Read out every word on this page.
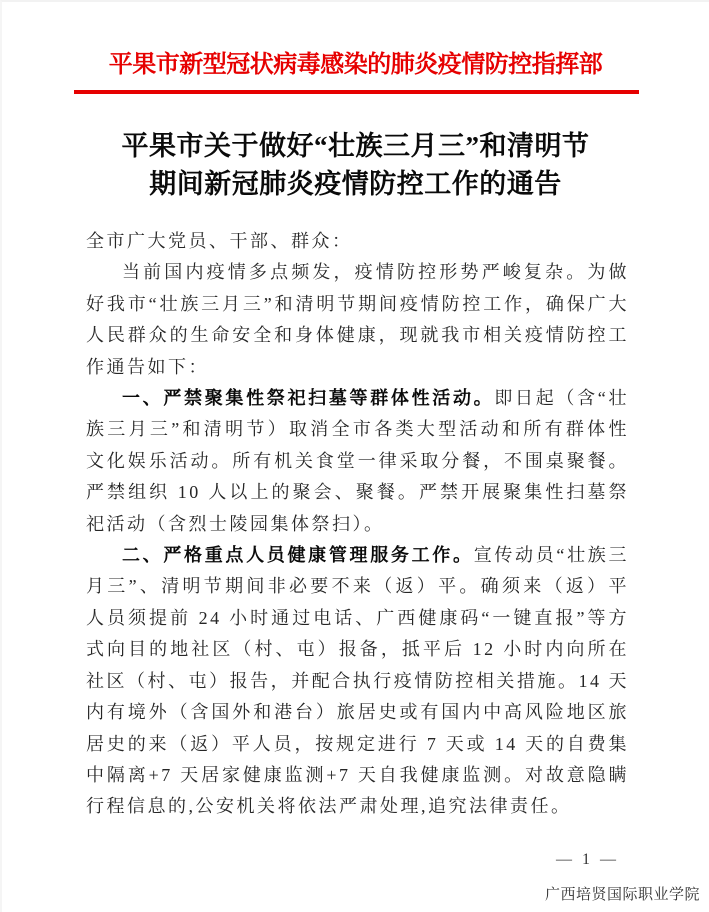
平果市新型冠状病毒感染的肺炎疫情防控指挥部
平果市关于做好“壮族三月三”和清明节
期间新冠肺炎疫情防控工作的通告

全市广大党员、干部、群众：

当前国内疫情多点频发，疫情防控形势严峻复杂。为做好我市“壮族三月三”和清明节期间疫情防控工作，确保广大人民群众的生命安全和身体健康，现就我市相关疫情防控工作通告如下：

一、严禁聚集性祭祀扫墓等群体性活动。即日起（含“壮族三月三”和清明节）取消全市各类大型活动和所有群体性文化娱乐活动。所有机关食堂一律采取分餐，不围桌聚餐。严禁组织 10 人以上的聚会、聚餐。严禁开展聚集性扫墓祭祀活动（含烈士陵园集体祭扫）。

二、严格重点人员健康管理服务工作。宣传动员“壮族三月三”、清明节期间非必要不来（返）平。确须来（返）平人员须提前 24 小时通过电话、广西健康码“一键直报”等方式向目的地社区（村、屯）报备，抵平后 12 小时内向所在社区（村、屯）报告，并配合执行疫情防控相关措施。14 天内有境外（含国外和港台）旅居史或有国内中高风险地区旅居史的来（返）平人员，按规定进行 7 天或 14 天的自费集中隔离+7 天居家健康监测+7 天自我健康监测。对故意隐瞒行程信息的,公安机关将依法严肃处理,追究法律责任。

— 1 —
广西培贤国际职业学院
